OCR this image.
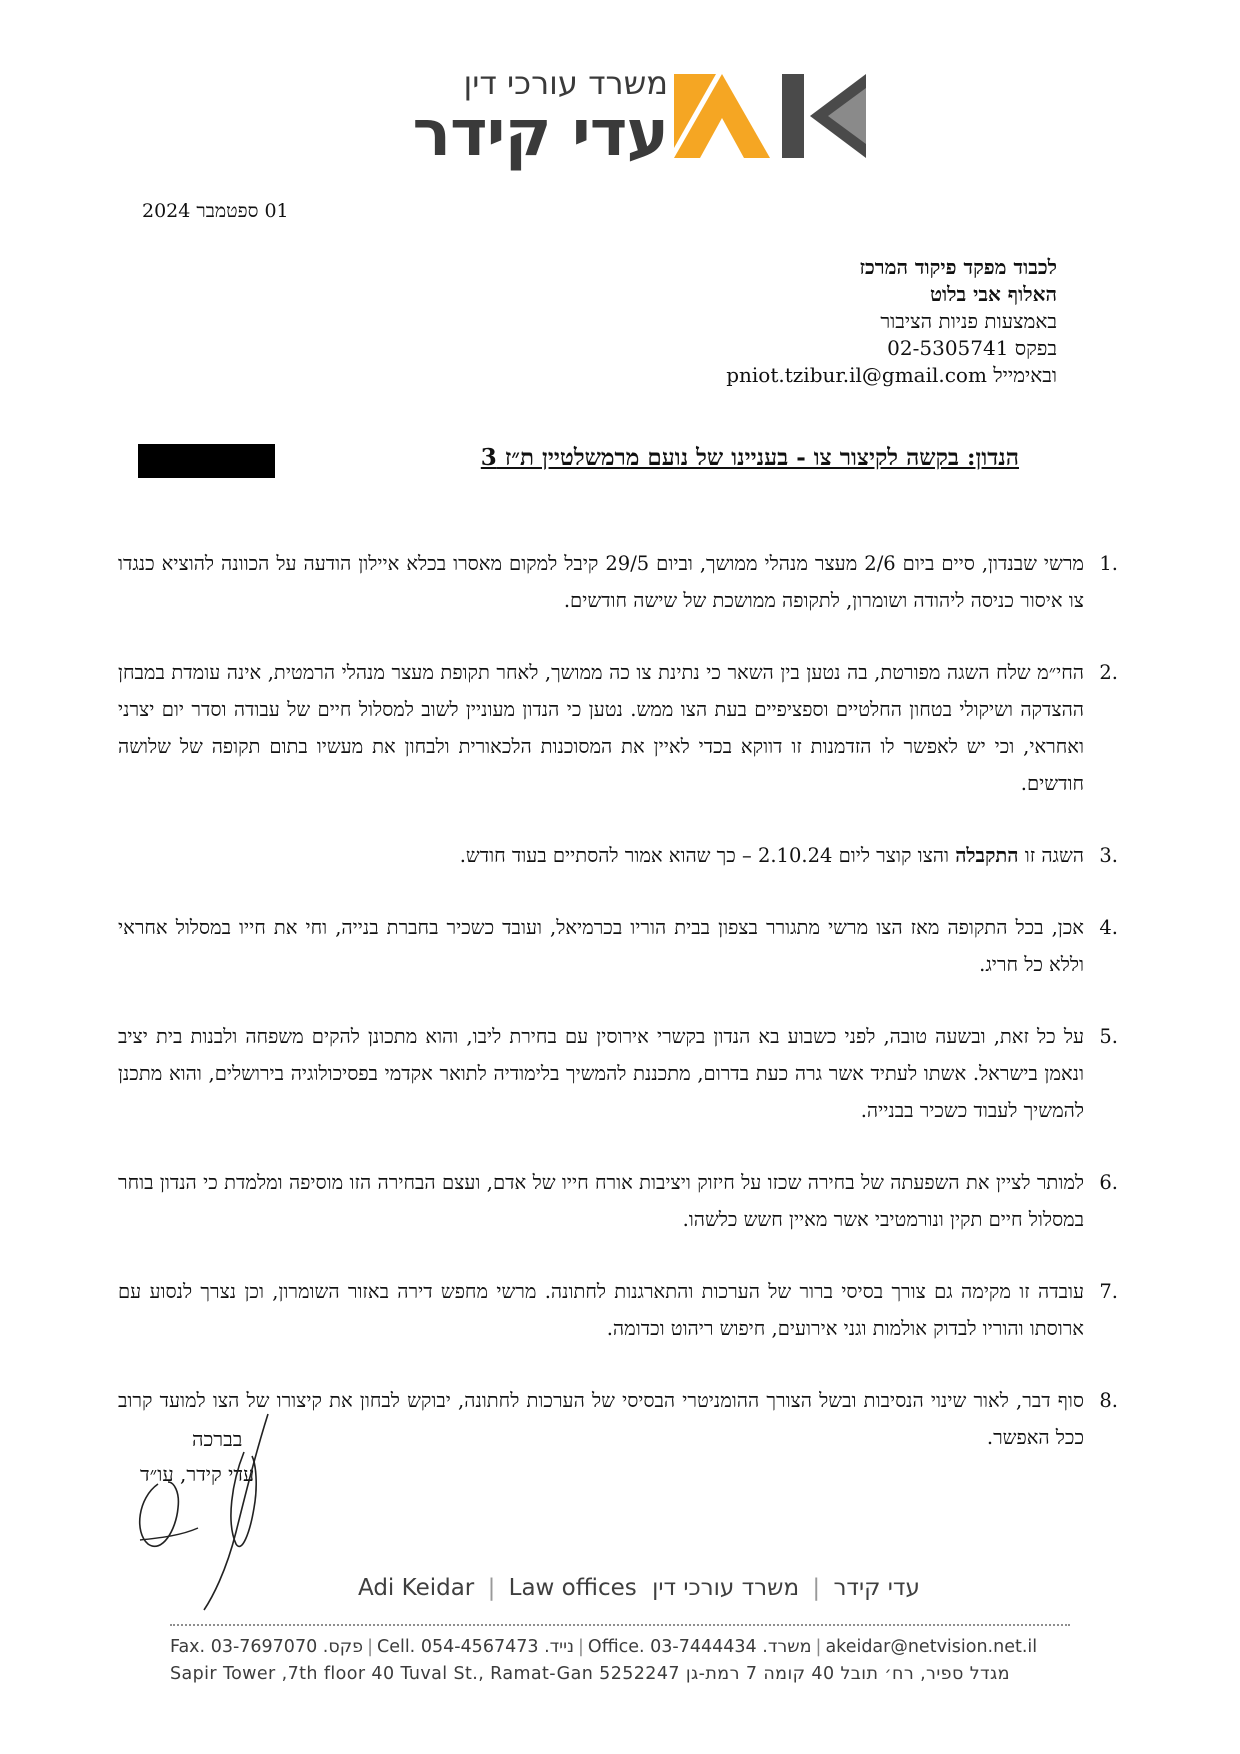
משרד עורכי דין
עדי קידר
01 ספטמבר 2024
לכבוד מפקד פיקוד המרכז
האלוף אבי בלוט
באמצעות פניות הציבור
בפקס 02-5305741
ובאימייל pniot.tzibur.il@gmail.com
הנדון: בקשה לקיצור צו - בעניינו של נועם מרמשלטיין ת״ז 3
1.
מרשי שבנדון, סיים ביום 2/6 מעצר מנהלי ממושך, וביום 29/5 קיבל למקום מאסרו בכלא איילון הודעה על הכוונה להוציא כנגדו צו איסור כניסה ליהודה ושומרון, לתקופה ממושכת של שישה חודשים.
2.
החי״מ שלח השגה מפורטת, בה נטען בין השאר כי נתינת צו כה ממושך, לאחר תקופת מעצר מנהלי הרמטית, אינה עומדת במבחן ההצדקה ושיקולי בטחון החלטיים וספציפיים בעת הצו ממש. נטען כי הנדון מעוניין לשוב למסלול חיים של עבודה וסדר יום יצרני ואחראי, וכי יש לאפשר לו הזדמנות זו דווקא בכדי לאיין את המסוכנות הלכאורית ולבחון את מעשיו בתום תקופה של שלושה חודשים.
3.
השגה זו התקבלה והצו קוצר ליום 2.10.24 – כך שהוא אמור להסתיים בעוד חודש.
4.
אכן, בכל התקופה מאז הצו מרשי מתגורר בצפון בבית הוריו בכרמיאל, ועובד כשכיר בחברת בנייה, וחי את חייו במסלול אחראי וללא כל חריג.
5.
על כל זאת, ובשעה טובה, לפני כשבוע בא הנדון בקשרי אירוסין עם בחירת ליבו, והוא מתכונן להקים משפחה ולבנות בית יציב ונאמן בישראל. אשתו לעתיד אשר גרה כעת בדרום, מתכננת להמשיך בלימודיה לתואר אקדמי בפסיכולוגיה בירושלים, והוא מתכנן להמשיך לעבוד כשכיר בבנייה.
6.
למותר לציין את השפעתה של בחירה שכזו על חיזוק ויציבות אורח חייו של אדם, ועצם הבחירה הזו מוסיפה ומלמדת כי הנדון בוחר במסלול חיים תקין ונורמטיבי אשר מאיין חשש כלשהו.
7.
עובדה זו מקימה גם צורך בסיסי ברור של הערכות והתארגנות לחתונה. מרשי מחפש דירה באזור השומרון, וכן נצרך לנסוע עם ארוסתו והוריו לבדוק אולמות וגני אירועים, חיפוש ריהוט וכדומה.
8.
סוף דבר, לאור שינוי הנסיבות ובשל הצורך ההומניטרי הבסיסי של הערכות לחתונה, יבוקש לבחון את קיצורו של הצו למועד קרוב ככל האפשר.
בברכה
עדי קידר, עו״ד
Adi Keidar | Law offices משרד עורכי דין | עדי קידר
Fax. 03-7697070 פקס. | Cell. 054-4567473 נייד. | Office. 03-7444434 משרד. | akeidar@netvision.net.il
Sapir Tower ,7th floor 40 Tuval St., Ramat-Gan 5252247 מגדל ספיר, רח׳ תובל 40 קומה 7 רמת-גן
